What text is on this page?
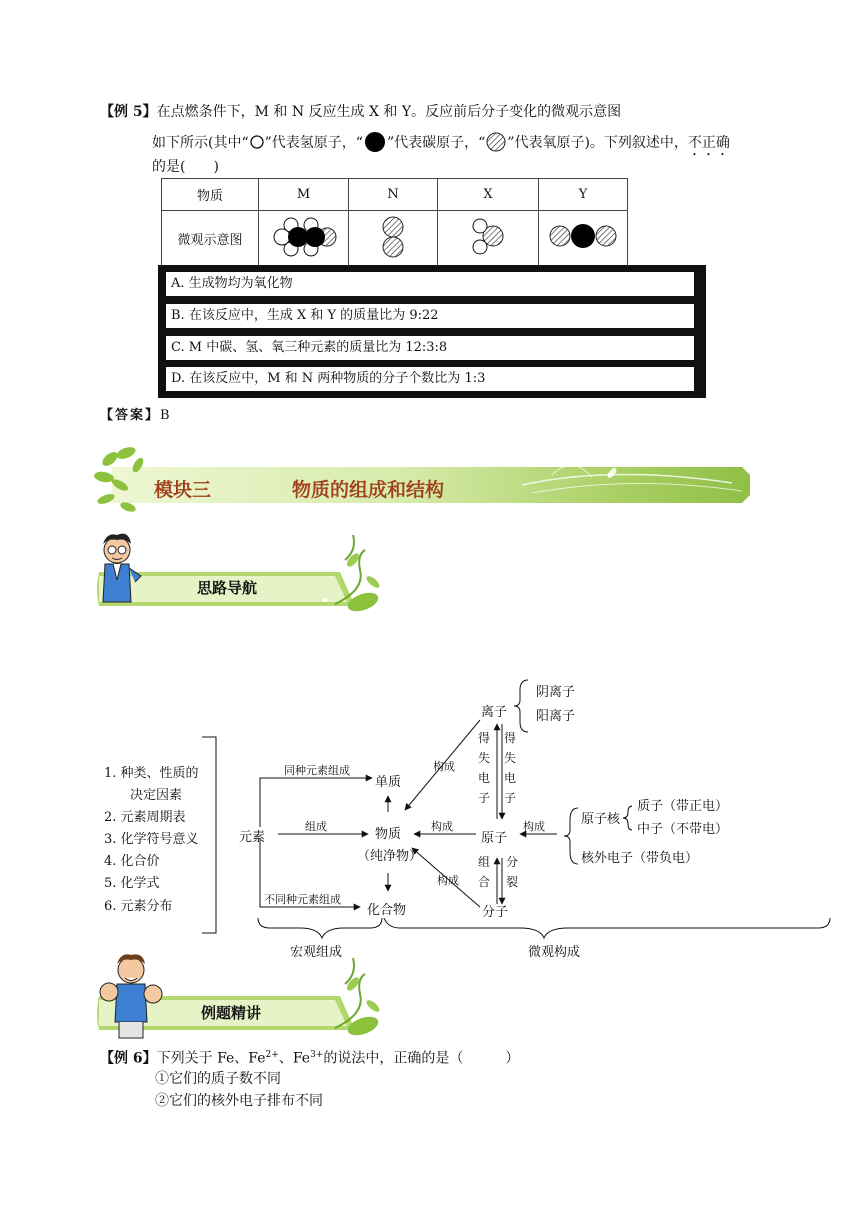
【例 5】在点燃条件下，M 和 N 反应生成 X 和 Y。反应前后分子变化的微观示意图
如下所示(其中“ ”代表氢原子，“ ”代表碳原子，“ ”代表氧原子)。下列叙述中，不正确
的是(　　)
物质	M	N	X	Y
微观示意图				
A. 生成物均为氧化物
B. 在该反应中，生成 X 和 Y 的质量比为 9:22
C. M 中碳、氢、氧三种元素的质量比为 12:3:8
D. 在该反应中，M 和 N 两种物质的分子个数比为 1:3
【答案】B
模块三	物质的组成和结构
思路导航
元素
单质
物质
（纯净物）
化合物
离子
阴离子
阳离子
原子
分子
原子核
质子（带正电）
中子（不带电）
核外电子（带负电）
同种元素组成
组成
不同种元素组成
构成
构成
构成
构成
宏观组成	微观构成
1. 种类、性质的
决定因素
2. 元素周期表
3. 化学符号意义
4. 化合价
5. 化学式
6. 元素分布
得失电子
得失电子
组合
分裂
例题精讲
【例 6】下列关于 Fe、$Fe^{2+}$、$Fe^{3+}$的说法中，正确的是（　　　）
①它们的质子数不同
②它们的核外电子排布不同
